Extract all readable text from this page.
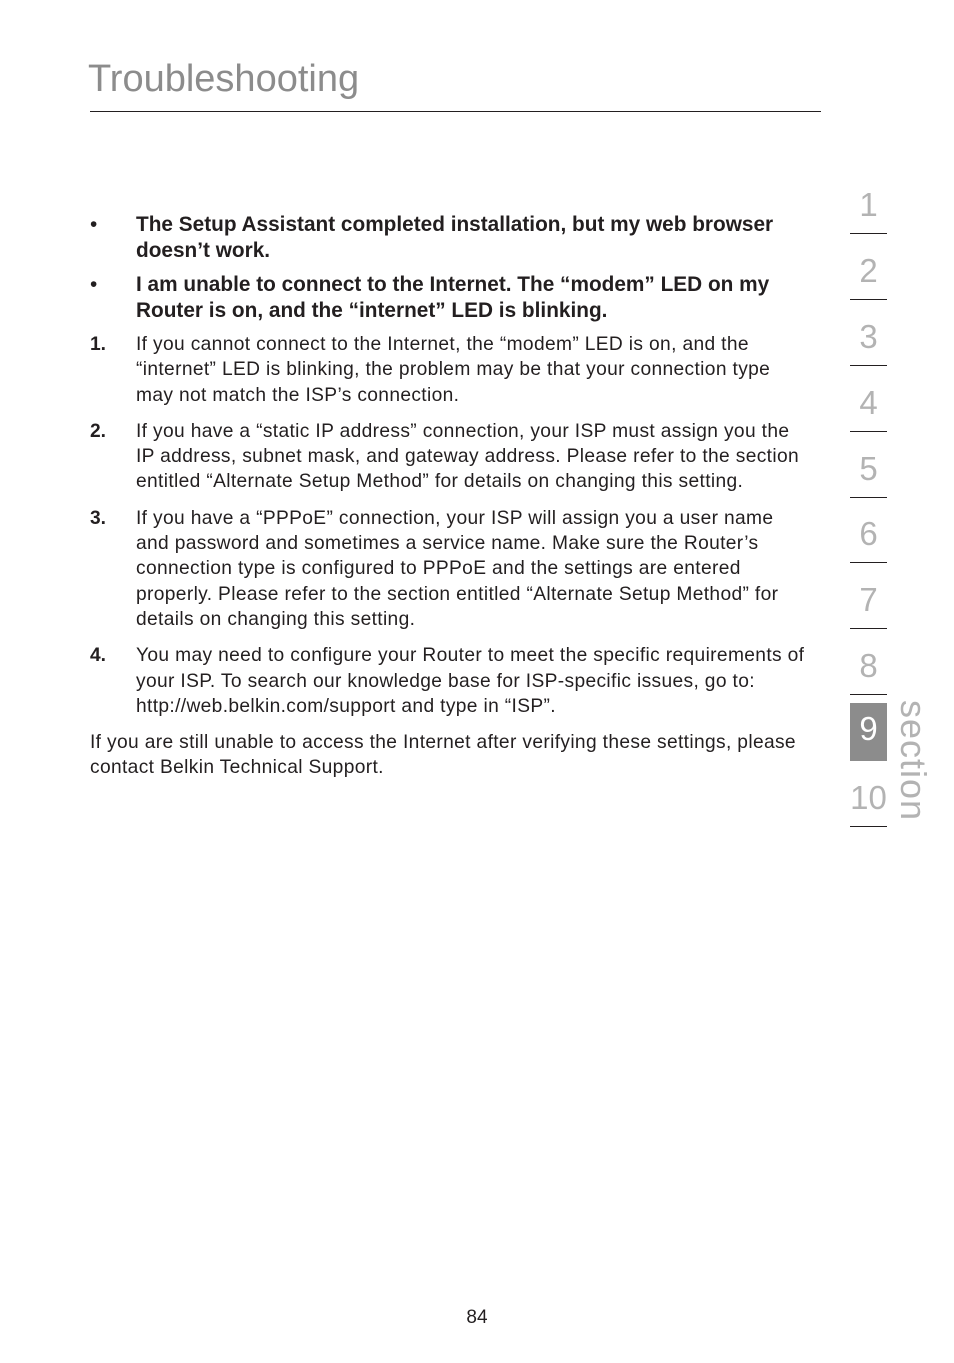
Troubleshooting
• The Setup Assistant completed installation, but my web browser doesn’t work.
• I am unable to connect to the Internet. The “modem” LED on my Router is on, and the “internet” LED is blinking.
1. If you cannot connect to the Internet, the “modem” LED is on, and the “internet” LED is blinking, the problem may be that your connection type may not match the ISP’s connection.
2. If you have a “static IP address” connection, your ISP must assign you the IP address, subnet mask, and gateway address. Please refer to the section entitled “Alternate Setup Method” for details on changing this setting.
3. If you have a “PPPoE” connection, your ISP will assign you a user name and password and sometimes a service name. Make sure the Router’s connection type is configured to PPPoE and the settings are entered properly. Please refer to the section entitled “Alternate Setup Method” for details on changing this setting.
4. You may need to configure your Router to meet the specific requirements of your ISP. To search our knowledge base for ISP-specific issues, go to: http://web.belkin.com/support and type in “ISP”.

If you are still unable to access the Internet after verifying these settings, please contact Belkin Technical Support.

1
2
3
4
5
6
7
8
9
10 section
84
